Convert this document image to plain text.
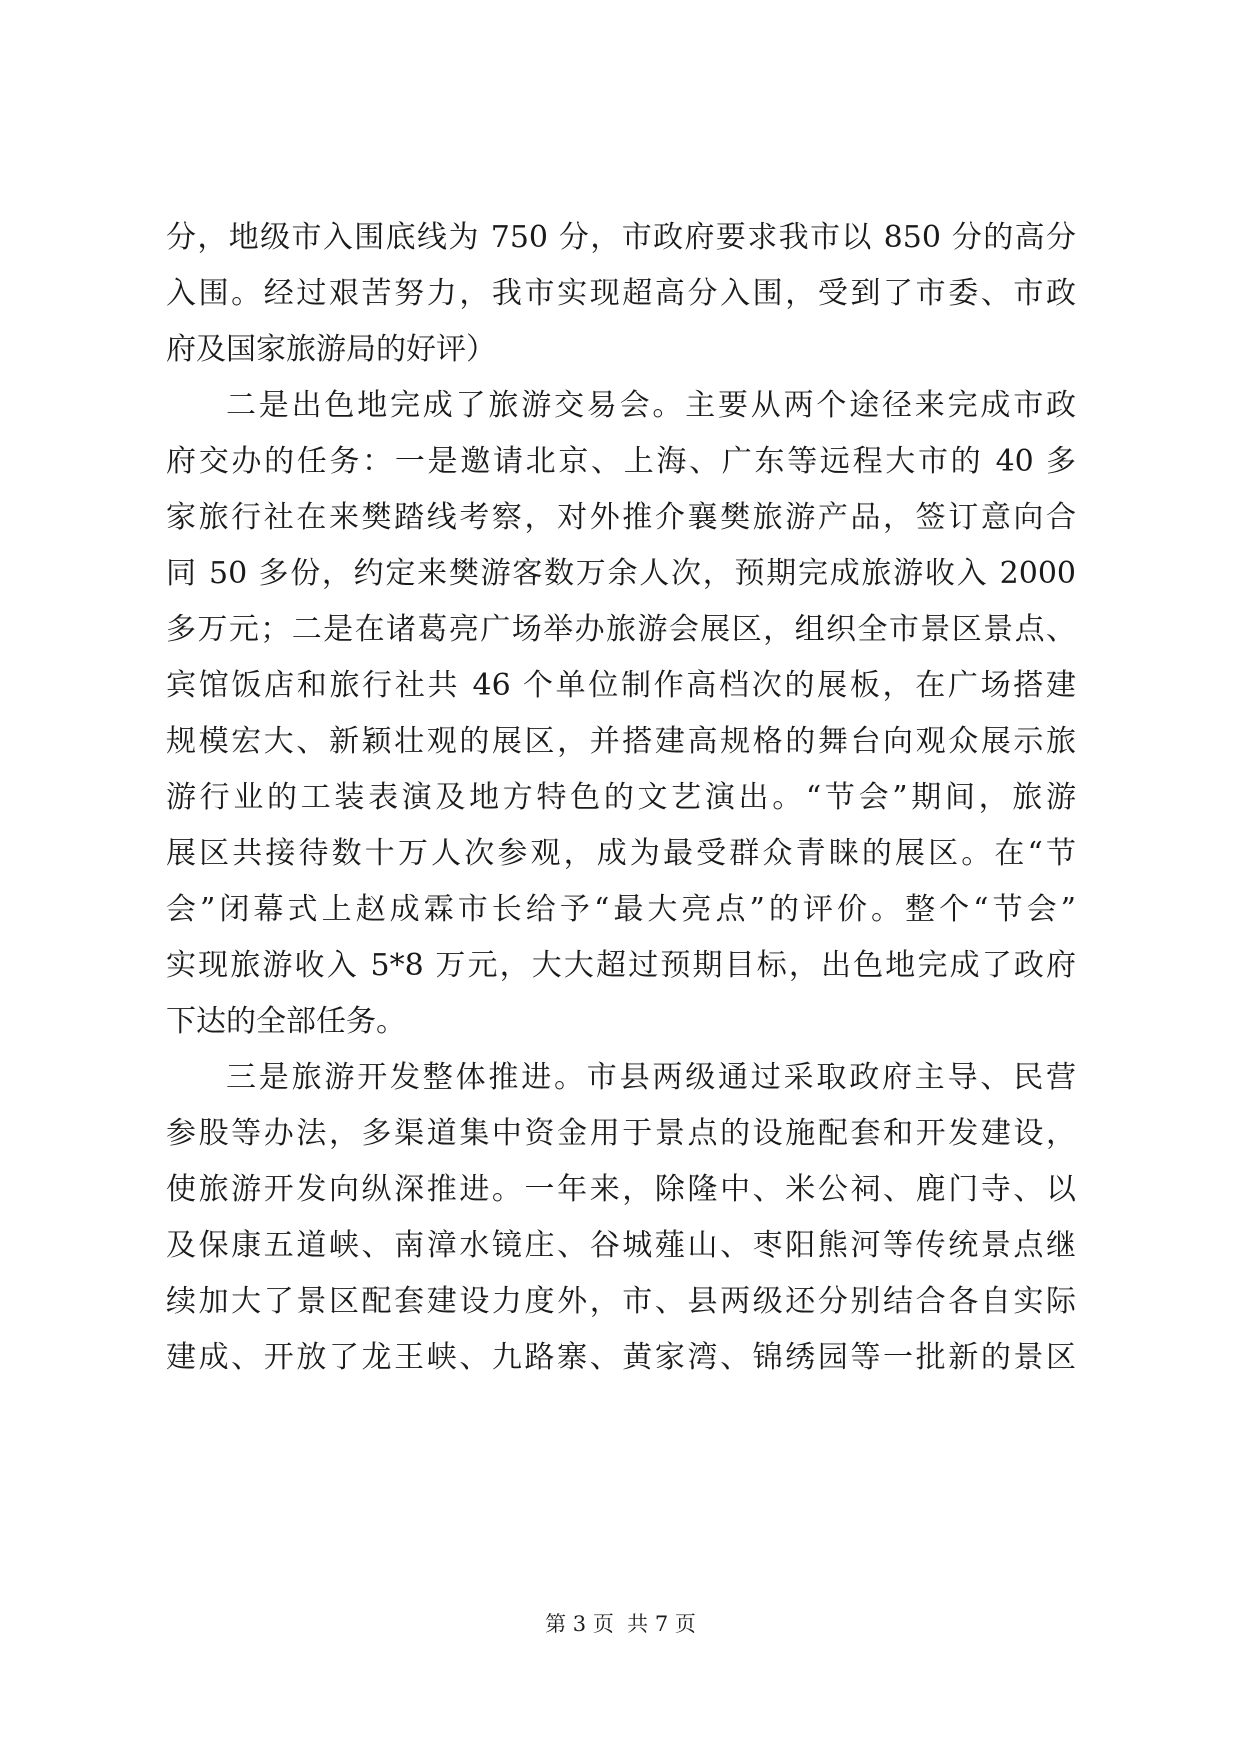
分，地级市入围底线为 750 分，市政府要求我市以 850 分的高分
入围。经过艰苦努力，我市实现超高分入围，受到了市委、市政
府及国家旅游局的好评）
二是出色地完成了旅游交易会。主要从两个途径来完成市政
府交办的任务：一是邀请北京、上海、广东等远程大市的 40 多
家旅行社在来樊踏线考察，对外推介襄樊旅游产品，签订意向合
同 50 多份，约定来樊游客数万余人次，预期完成旅游收入 2000
多万元；二是在诸葛亮广场举办旅游会展区，组织全市景区景点、
宾馆饭店和旅行社共 46 个单位制作高档次的展板，在广场搭建
规模宏大、新颖壮观的展区，并搭建高规格的舞台向观众展示旅
游行业的工装表演及地方特色的文艺演出。“节会”期间，旅游
展区共接待数十万人次参观，成为最受群众青睐的展区。在“节
会”闭幕式上赵成霖市长给予“最大亮点”的评价。整个“节会”
实现旅游收入 5*8 万元，大大超过预期目标，出色地完成了政府
下达的全部任务。
三是旅游开发整体推进。市县两级通过采取政府主导、民营
参股等办法，多渠道集中资金用于景点的设施配套和开发建设，
使旅游开发向纵深推进。一年来，除隆中、米公祠、鹿门寺、以
及保康五道峡、南漳水镜庄、谷城薤山、枣阳熊河等传统景点继
续加大了景区配套建设力度外，市、县两级还分别结合各自实际
建成、开放了龙王峡、九路寨、黄家湾、锦绣园等一批新的景区
第 3 页  共 7 页
